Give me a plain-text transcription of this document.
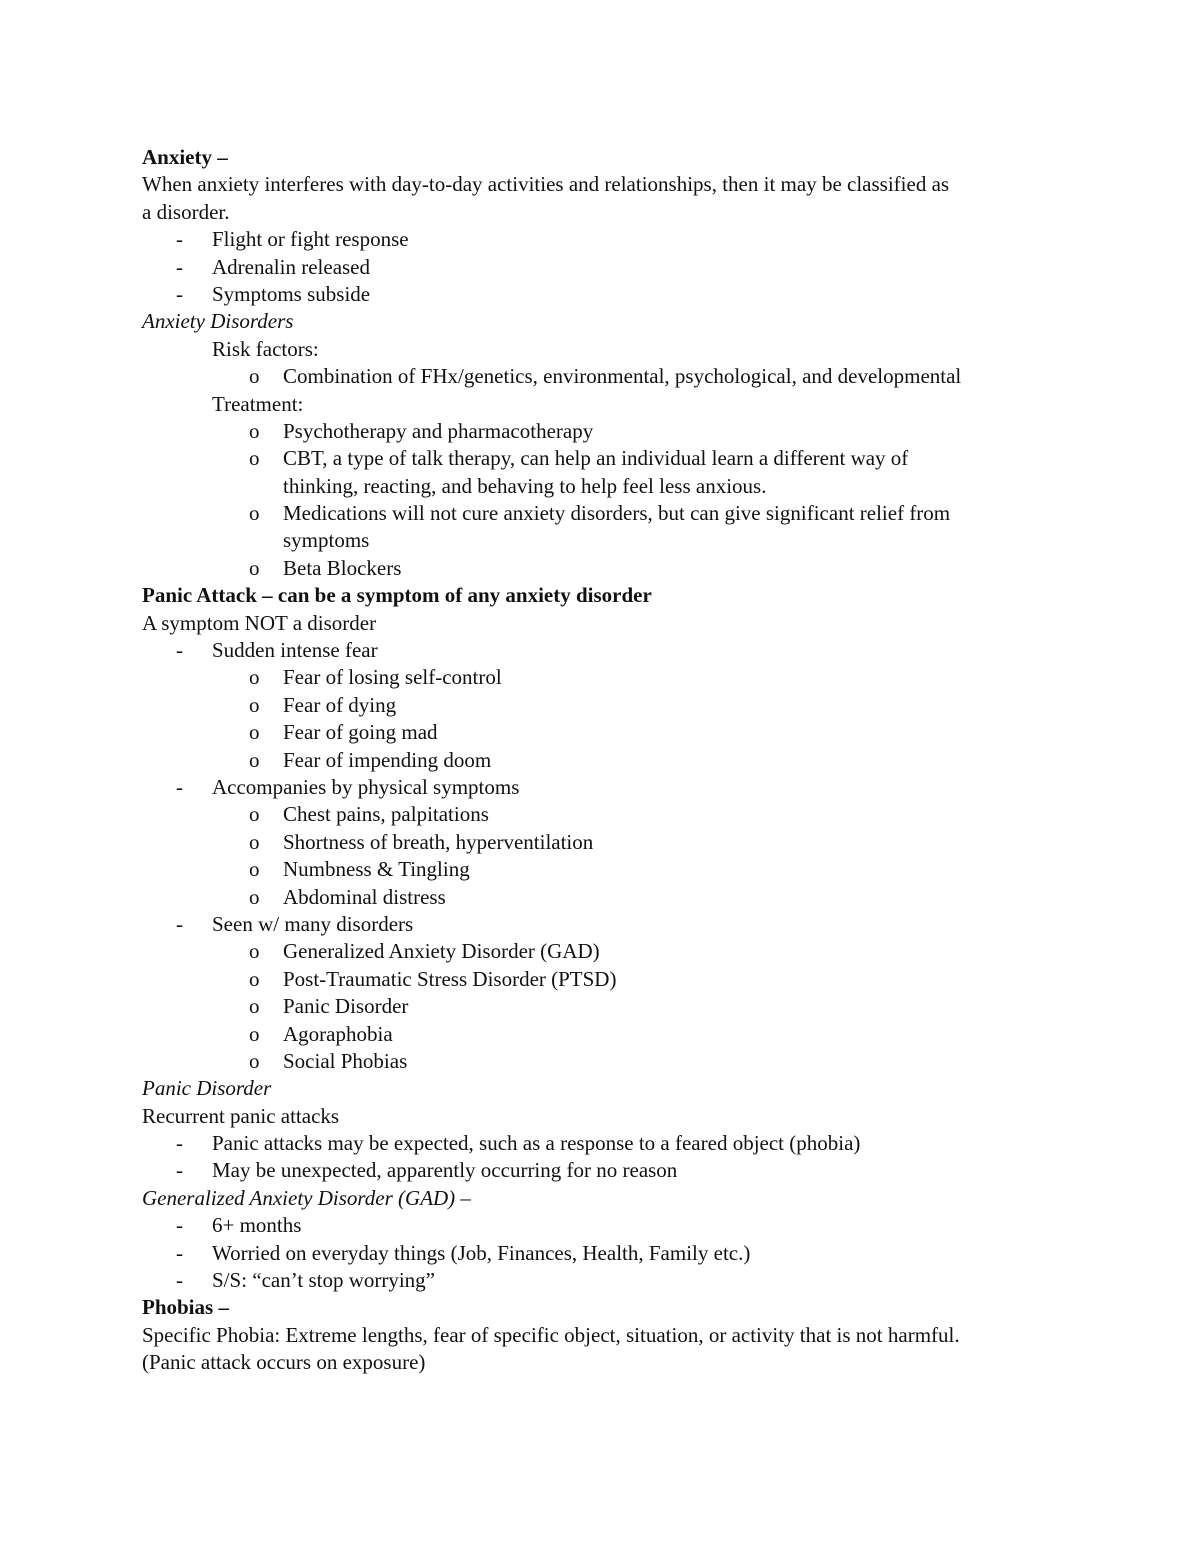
Anxiety –
When anxiety interferes with day-to-day activities and relationships, then it may be classified as
a disorder.
- Flight or fight response
- Adrenalin released
- Symptoms subside
Anxiety Disorders
Risk factors:
o Combination of FHx/genetics, environmental, psychological, and developmental
Treatment:
o Psychotherapy and pharmacotherapy
o CBT, a type of talk therapy, can help an individual learn a different way of
thinking, reacting, and behaving to help feel less anxious.
o Medications will not cure anxiety disorders, but can give significant relief from
symptoms
o Beta Blockers
Panic Attack – can be a symptom of any anxiety disorder
A symptom NOT a disorder
- Sudden intense fear
o Fear of losing self-control
o Fear of dying
o Fear of going mad
o Fear of impending doom
- Accompanies by physical symptoms
o Chest pains, palpitations
o Shortness of breath, hyperventilation
o Numbness & Tingling
o Abdominal distress
- Seen w/ many disorders
o Generalized Anxiety Disorder (GAD)
o Post-Traumatic Stress Disorder (PTSD)
o Panic Disorder
o Agoraphobia
o Social Phobias
Panic Disorder
Recurrent panic attacks
- Panic attacks may be expected, such as a response to a feared object (phobia)
- May be unexpected, apparently occurring for no reason
Generalized Anxiety Disorder (GAD) –
- 6+ months
- Worried on everyday things (Job, Finances, Health, Family etc.)
- S/S: “can’t stop worrying”
Phobias –
Specific Phobia: Extreme lengths, fear of specific object, situation, or activity that is not harmful.
(Panic attack occurs on exposure)
